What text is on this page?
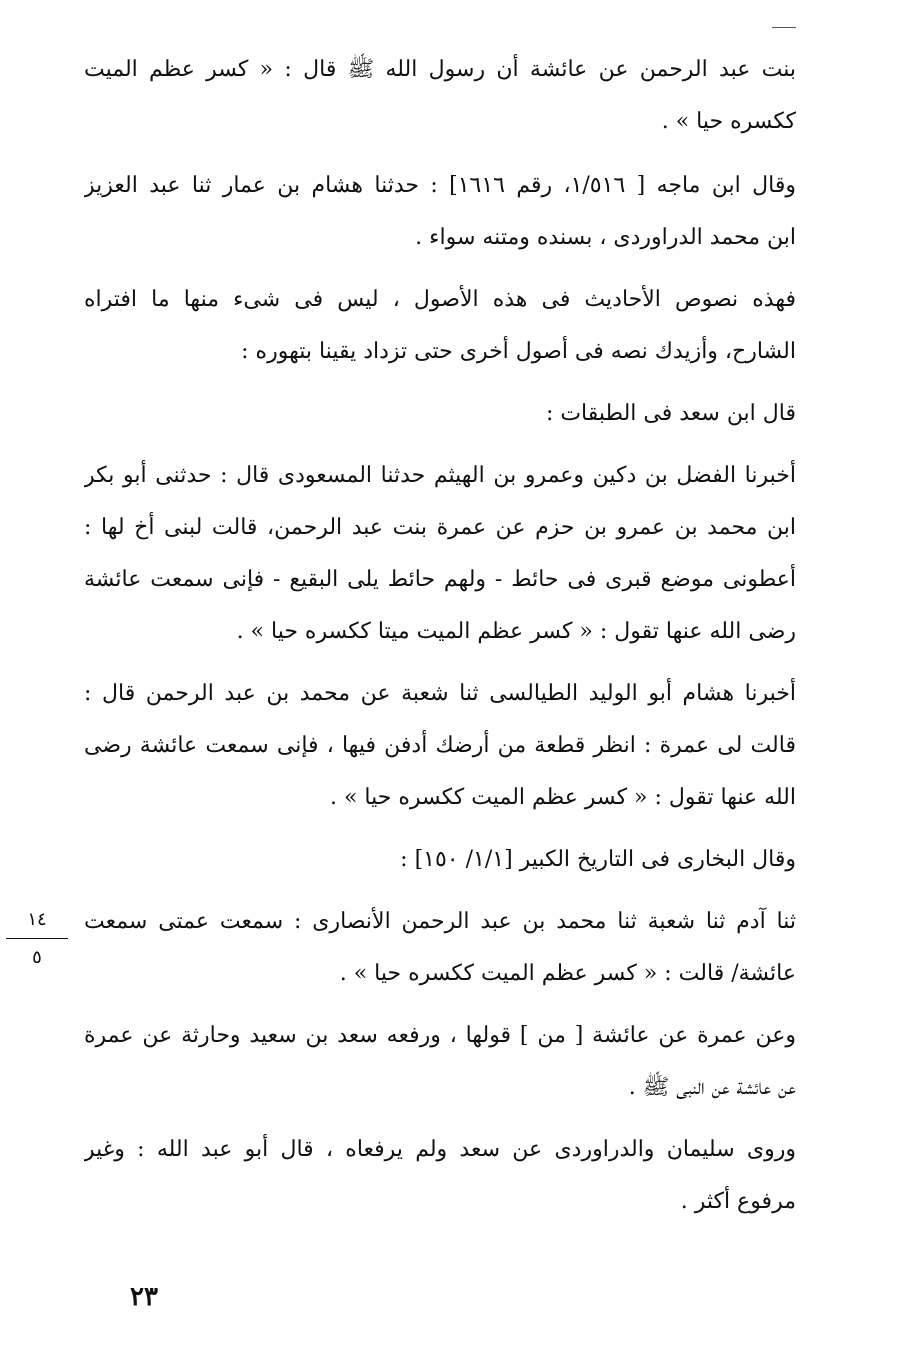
بنت عبد الرحمن عن عائشة أن رسول الله ﷺ قال : « كسر عظم الميت
ككسره حيا » .

وقال ابن ماجه [ ١/٥١٦، رقم ١٦١٦] : حدثنا هشام بن عمار ثنا عبد العزيز
ابن محمد الدراوردى ، بسنده ومتنه سواء .

فهذه نصوص الأحاديث فى هذه الأصول ، ليس فى شىء منها ما افتراه
الشارح، وأزيدك نصه فى أصول أخرى حتى تزداد يقينا بتهوره :

قال ابن سعد فى الطبقات :

أخبرنا الفضل بن دكين وعمرو بن الهيثم حدثنا المسعودى قال : حدثنى أبو بكر
ابن محمد بن عمرو بن حزم عن عمرة بنت عبد الرحمن، قالت لبنى أخ لها :
أعطونى موضع قبرى فى حائط - ولهم حائط يلى البقيع - فإنى سمعت عائشة
رضى الله عنها تقول : « كسر عظم الميت ميتا ككسره حيا » .

أخبرنا هشام أبو الوليد الطيالسى ثنا شعبة عن محمد بن عبد الرحمن قال :
قالت لى عمرة : انظر قطعة من أرضك أدفن فيها ، فإنى سمعت عائشة رضى
الله عنها تقول : « كسر عظم الميت ككسره حيا » .

وقال البخارى فى التاريخ الكبير [١/١/ ١٥٠] :

ثنا آدم ثنا شعبة ثنا محمد بن عبد الرحمن الأنصارى : سمعت عمتى سمعت
عائشة/ قالت : « كسر عظم الميت ككسره حيا » .

وعن عمرة عن عائشة [ من ] قولها ، ورفعه سعد بن سعيد وحارثة عن عمرة
عن عائشة عن النبى ﷺ .

وروى سليمان والدراوردى عن سعد ولم يرفعاه ، قال أبو عبد الله : وغير
مرفوع أكثر .

١٤
٥
٢٣
